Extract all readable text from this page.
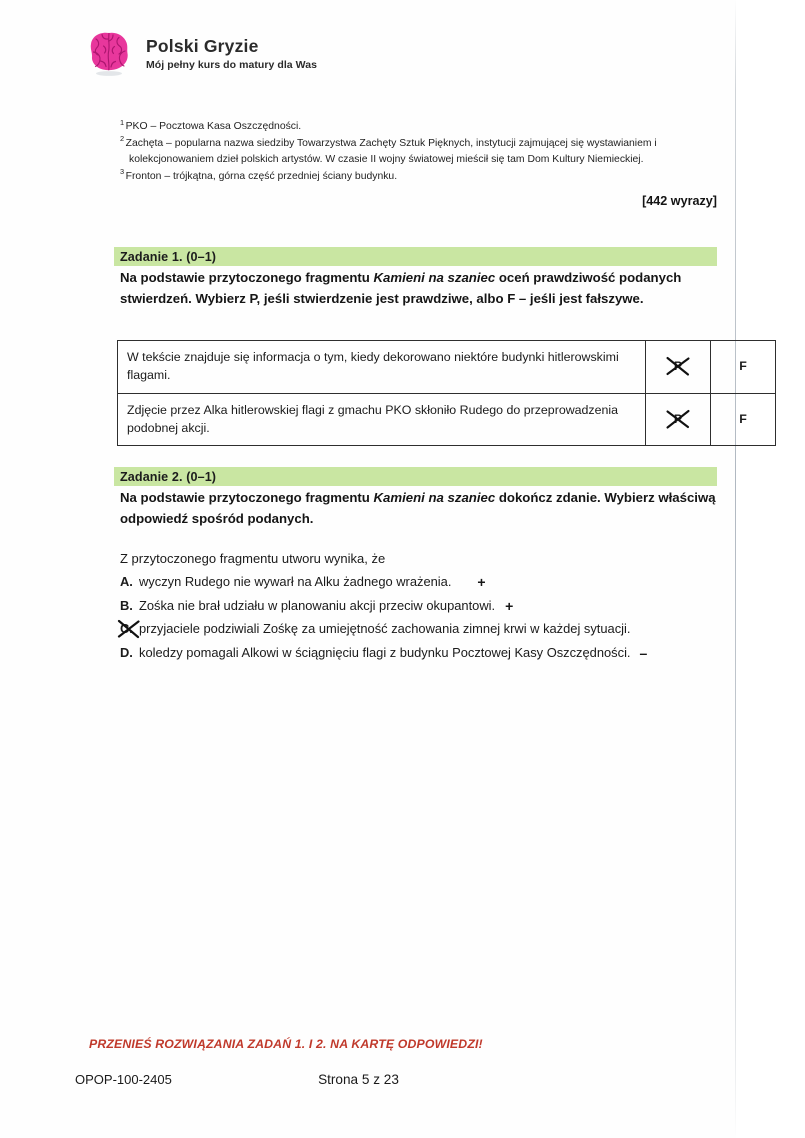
Polski Gryzie
Mój pełny kurs do matury dla Was
$^1$ PKO – Pocztowa Kasa Oszczędności.
$^2$ Zachęta – popularna nazwa siedziby Towarzystwa Zachęty Sztuk Pięknych, instytucji zajmującej się wystawianiem i kolekcjonowaniem dzieł polskich artystów. W czasie II wojny światowej mieścił się tam Dom Kultury Niemieckiej.
$^3$ Fronton – trójkątna, górna część przedniej ściany budynku.
[442 wyrazy]
Zadanie 1. (0–1)
Na podstawie przytoczonego fragmentu Kamieni na szaniec oceń prawdziwość podanych stwierdzeń. Wybierz P, jeśli stwierdzenie jest prawdziwe, albo F – jeśli jest fałszywe.
W tekście znajduje się informacja o tym, kiedy dekorowano niektóre budynki hitlerowskimi flagami.	P	F
Zdjęcie przez Alka hitlerowskiej flagi z gmachu PKO skłoniło Rudego do przeprowadzenia podobnej akcji.	P	F
Zadanie 2. (0–1)
Na podstawie przytoczonego fragmentu Kamieni na szaniec dokończ zdanie. Wybierz właściwą odpowiedź spośród podanych.
Z przytoczonego fragmentu utworu wynika, że
A. wyczyn Rudego nie wywarł na Alku żadnego wrażenia. +
B. Zośka nie brał udziału w planowaniu akcji przeciw okupantowi. +
C. przyjaciele podziwiali Zośkę za umiejętność zachowania zimnej krwi w każdej sytuacji.
D. koledzy pomagali Alkowi w ściągnięciu flagi z budynku Pocztowej Kasy Oszczędności. –
PRZENIEŚ ROZWIĄZANIA ZADAŃ 1. I 2. NA KARTĘ ODPOWIEDZI!
OPOP-100-2405	Strona 5 z 23
